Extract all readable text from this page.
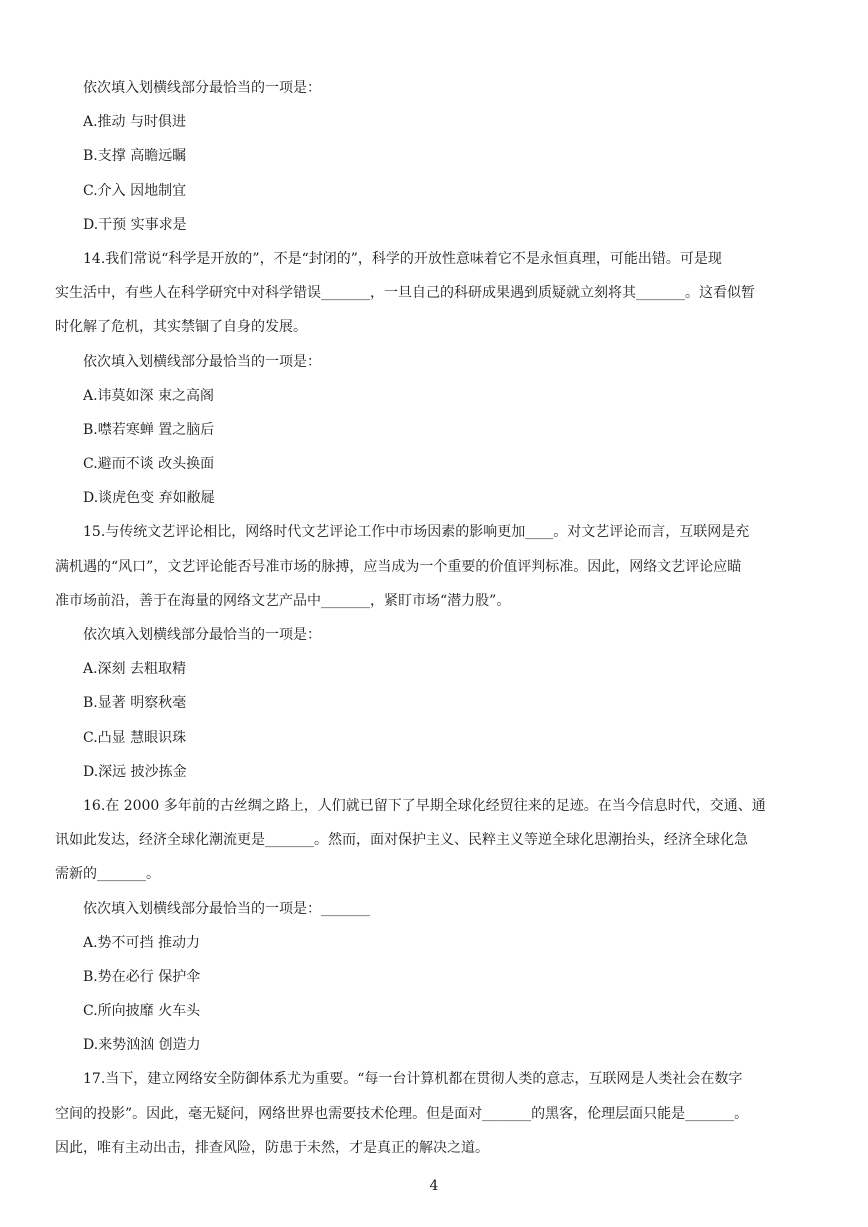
依次填入划横线部分最恰当的一项是：
A.推动 与时俱进
B.支撑 高瞻远瞩
C.介入 因地制宜
D.干预 实事求是
14.我们常说“科学是开放的”，不是“封闭的”，科学的开放性意味着它不是永恒真理，可能出错。可是现
实生活中，有些人在科学研究中对科学错误_______，一旦自己的科研成果遇到质疑就立刻将其_______。这看似暂
时化解了危机，其实禁锢了自身的发展。
依次填入划横线部分最恰当的一项是：
A.讳莫如深 束之高阁
B.噤若寒蝉 置之脑后
C.避而不谈 改头换面
D.谈虎色变 弃如敝屣
15.与传统文艺评论相比，网络时代文艺评论工作中市场因素的影响更加____。对文艺评论而言，互联网是充
满机遇的“风口”，文艺评论能否号准市场的脉搏，应当成为一个重要的价值评判标准。因此，网络文艺评论应瞄
准市场前沿，善于在海量的网络文艺产品中_______，紧盯市场“潜力股”。
依次填入划横线部分最恰当的一项是：
A.深刻 去粗取精
B.显著 明察秋毫
C.凸显 慧眼识珠
D.深远 披沙拣金
16.在 2000 多年前的古丝绸之路上，人们就已留下了早期全球化经贸往来的足迹。在当今信息时代，交通、通
讯如此发达，经济全球化潮流更是_______。然而，面对保护主义、民粹主义等逆全球化思潮抬头，经济全球化急
需新的_______。
依次填入划横线部分最恰当的一项是：_______
A.势不可挡 推动力
B.势在必行 保护伞
C.所向披靡 火车头
D.来势汹汹 创造力
17.当下，建立网络安全防御体系尤为重要。“每一台计算机都在贯彻人类的意志，互联网是人类社会在数字
空间的投影”。因此，毫无疑问，网络世界也需要技术伦理。但是面对_______的黑客，伦理层面只能是_______。
因此，唯有主动出击，排查风险，防患于未然，才是真正的解决之道。
4
